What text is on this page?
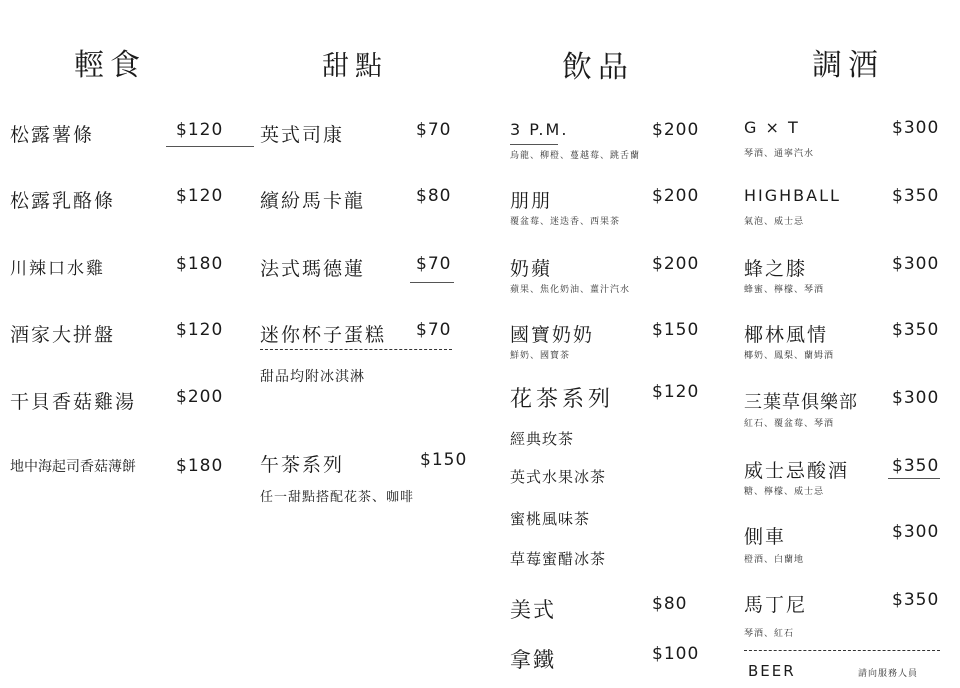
輕食
松露薯條	$120
松露乳酪條	$120
川辣口水雞	$180
酒家大拼盤	$120
干貝香菇雞湯 $200
地中海起司香菇薄餅 $180
甜點
英式司康	$70
繽紛馬卡龍	$80
法式瑪德蓮	$70
迷你杯子蛋糕 $70
甜品均附冰淇淋
午茶系列	$150
任一甜點搭配花茶、咖啡
飲品
3 P.M.	$200
烏龍、柳橙、蔓越莓、跳舌蘭
朋朋	$200
覆盆莓、迷迭香、西果茶
奶蘋	$200
蘋果、焦化奶油、薑汁汽水
國寶奶奶	$150
鮮奶、國寶茶
花茶系列 $120
經典玫茶
英式水果冰茶
蜜桃風味茶
草莓蜜醋冰茶
美式	$80
拿鐵	$100
調酒
G × T	$300
琴酒、通寧汽水
HIGHBALL	$350
氣泡、威士忌
蜂之膝	$300
蜂蜜、檸檬、琴酒
椰林風情	$350
椰奶、鳳梨、蘭姆酒
三葉草俱樂部 $300
紅石、覆盆莓、琴酒
威士忌酸酒	$350
糖、檸檬、威士忌
側車	$300
橙酒、白蘭地
馬丁尼	$350
琴酒、紅石
BEER	請向服務人員
